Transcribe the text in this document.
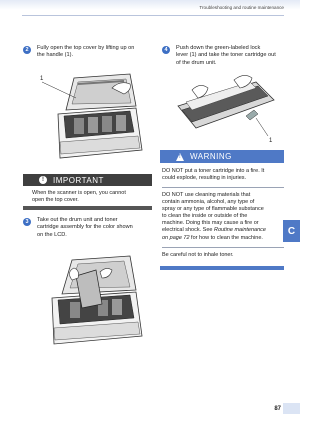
Troubleshooting and routine maintenance
C
2	Fully open the top cover by lifting up on
the handle (1).
1
!	IMPORTANT
When the scanner is open, you cannot
open the top cover.
3	Take out the drum unit and toner
cartridge assembly for the color shown
on the LCD.
4	Push down the green-labeled lock
lever (1) and take the toner cartridge out
of the drum unit.
1
! WARNING
DO NOT put a toner cartridge into a fire. It
could explode, resulting in injuries.
DO NOT use cleaning materials that
contain ammonia, alcohol, any type of
spray or any type of flammable substance
to clean the inside or outside of the
machine. Doing this may cause a fire or
electrical shock. See Routine maintenance
on page 72 for how to clean the machine.
Be careful not to inhale toner.
87
